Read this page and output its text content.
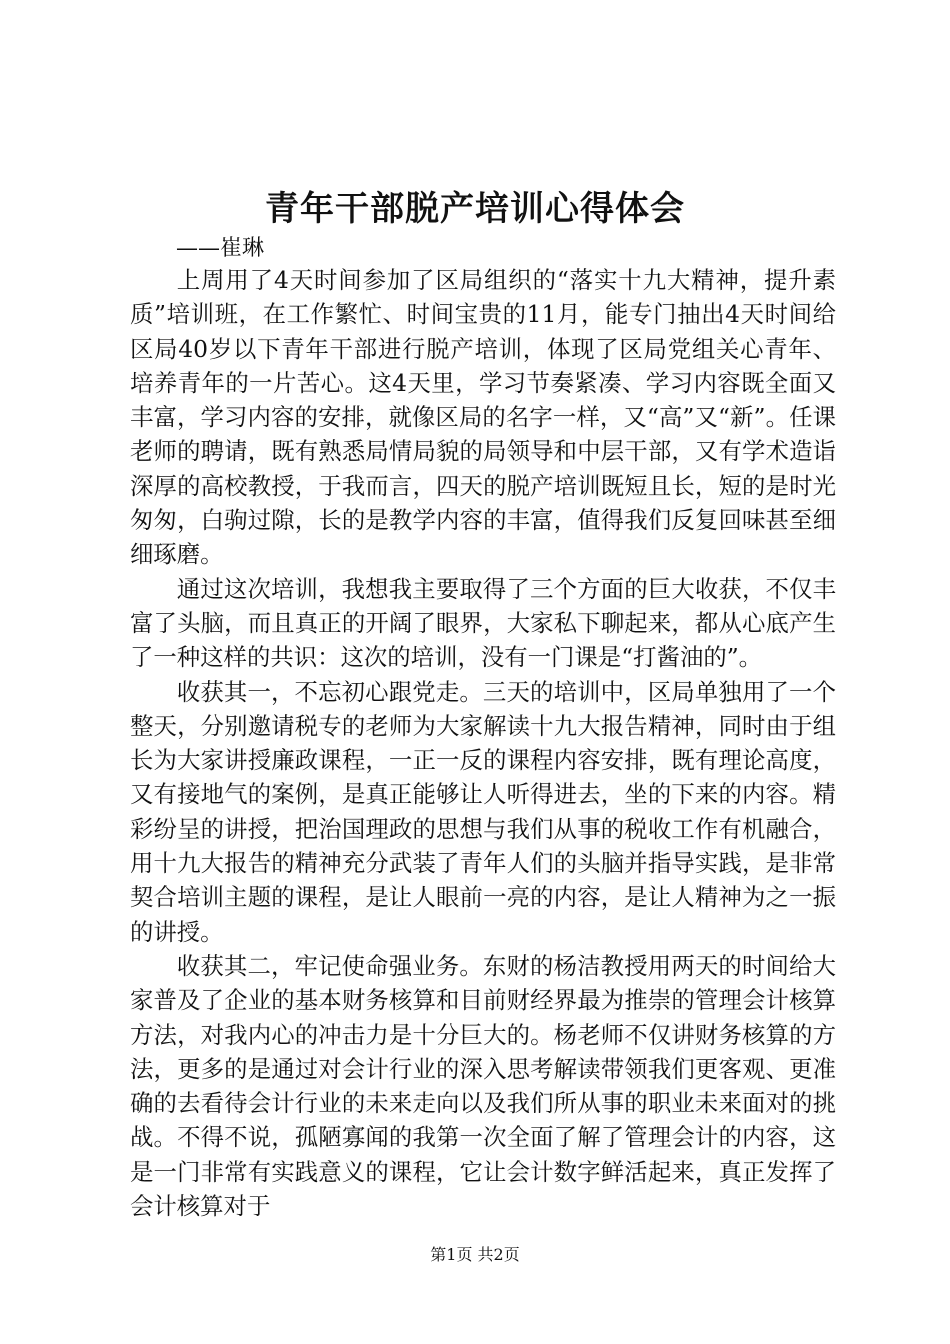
青年干部脱产培训心得体会

——崔琳

上周用了4天时间参加了区局组织的“落实十九大精神，提升素质”培训班，在工作繁忙、时间宝贵的11月，能专门抽出4天时间给区局40岁以下青年干部进行脱产培训，体现了区局党组关心青年、培养青年的一片苦心。这4天里，学习节奏紧凑、学习内容既全面又丰富，学习内容的安排，就像区局的名字一样，又“高”又“新”。任课老师的聘请，既有熟悉局情局貌的局领导和中层干部，又有学术造诣深厚的高校教授，于我而言，四天的脱产培训既短且长，短的是时光匆匆，白驹过隙，长的是教学内容的丰富，值得我们反复回味甚至细细琢磨。

通过这次培训，我想我主要取得了三个方面的巨大收获，不仅丰富了头脑，而且真正的开阔了眼界，大家私下聊起来，都从心底产生了一种这样的共识：这次的培训，没有一门课是“打酱油的”。

收获其一，不忘初心跟党走。三天的培训中，区局单独用了一个整天，分别邀请税专的老师为大家解读十九大报告精神，同时由于组长为大家讲授廉政课程，一正一反的课程内容安排，既有理论高度，又有接地气的案例，是真正能够让人听得进去，坐的下来的内容。精彩纷呈的讲授，把治国理政的思想与我们从事的税收工作有机融合，用十九大报告的精神充分武装了青年人们的头脑并指导实践，是非常契合培训主题的课程，是让人眼前一亮的内容，是让人精神为之一振的讲授。

收获其二，牢记使命强业务。东财的杨洁教授用两天的时间给大家普及了企业的基本财务核算和目前财经界最为推崇的管理会计核算方法，对我内心的冲击力是十分巨大的。杨老师不仅讲财务核算的方法，更多的是通过对会计行业的深入思考解读带领我们更客观、更准确的去看待会计行业的未来走向以及我们所从事的职业未来面对的挑战。不得不说，孤陋寡闻的我第一次全面了解了管理会计的内容，这是一门非常有实践意义的课程，它让会计数字鲜活起来，真正发挥了会计核算对于

第1页 共2页
